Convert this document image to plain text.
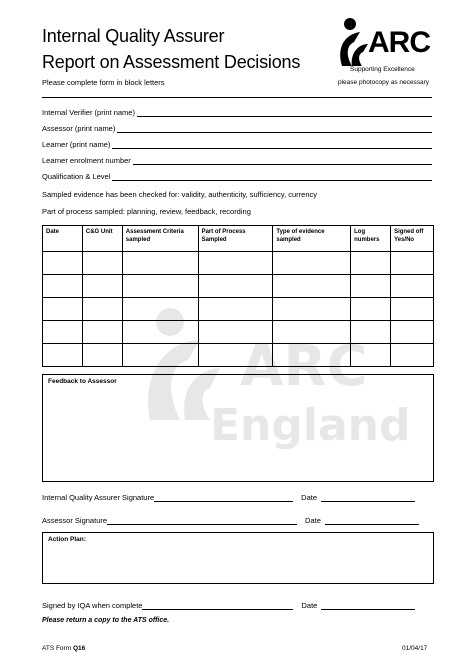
ARC
England
Internal Quality Assurer
Report on Assessment Decisions
Please complete form in block letters
ARC
Supporting Excellence
please photocopy as necessary
Internal Verifier (print name)
Assessor (print name)
Learner (print name)
Learner enrolment number
Qualification & Level
Sampled evidence has been checked for: validity, authenticity, sufficiency, currency
Part of process sampled: planning, review, feedback, recording
Date	C&G Unit	Assessment Criteria sampled	Part of Process Sampled	Type of evidence sampled	Log numbers	Signed off Yes/No

Feedback to Assessor
Internal Quality Assurer Signature	Date
Assessor Signature	Date
Action Plan:
Signed by IQA when complete	Date
Please return a copy to the ATS office.
ATS Form Q16	01/04/17
